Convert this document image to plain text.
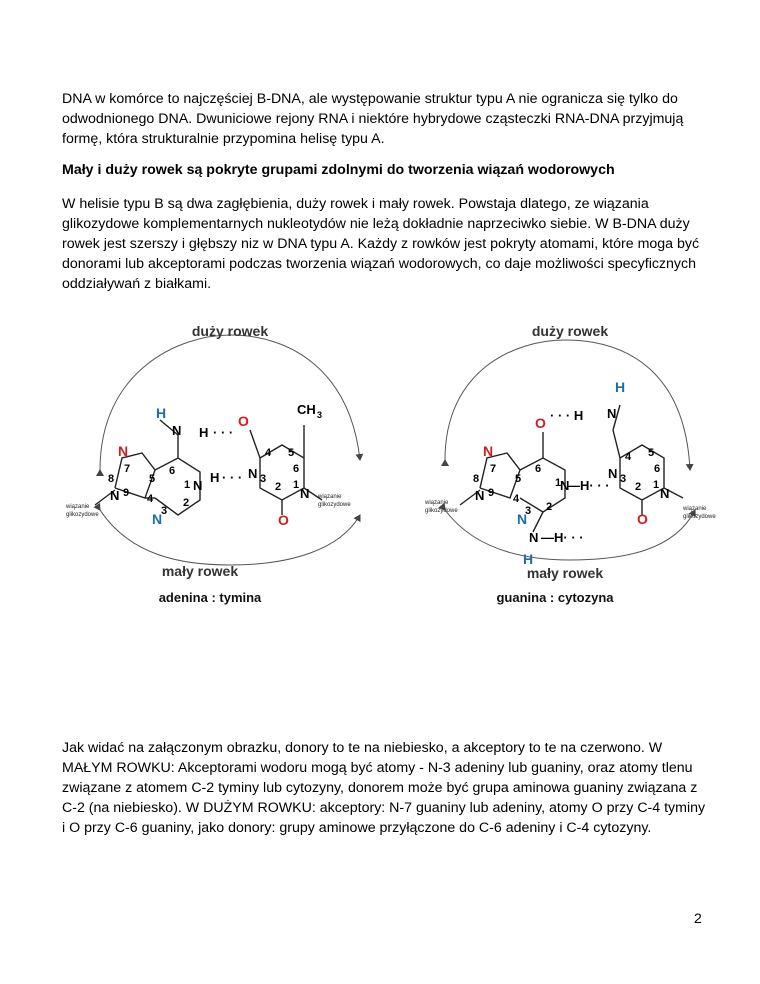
DNA w komórce to najczęściej B-DNA, ale występowanie struktur typu A nie ogranicza się tylko do odwodnionego DNA. Dwuniciowe rejony RNA i niektóre hybrydowe cząsteczki RNA-DNA przyjmują formę, która strukturalnie przypomina helisę typu A.

Mały i duży rowek są pokryte grupami zdolnymi do tworzenia wiązań wodorowych

W helisie typu B są dwa zagłębienia, duży rowek i mały rowek. Powstaja dlatego, ze wiązania glikozydowe komplementarnych nukleotydów nie leżą dokładnie naprzeciwko siebie. W B-DNA duży rowek jest szerszy i głębszy niz w DNA typu A. Każdy z rowków jest pokryty atomami, które moga być donorami lub akceptorami podczas tworzenia wiązań wodorowych, co daje możliwości specyficznych oddziaływań z białkami.

duży rowek
mały rowek
adenina : tymina
N
7
8
9
N
5
4
6
1 N
2
3
N
N
H
H · · ·
H · · ·
O
O
CH 3
4 5
6
1
2
N 3
N
wiązanie
glikozydowe
wiązanie
glikozydowe
duży rowek
mały rowek
guanina : cytozyna
O · · · H
N
7
8
9
N
5
4
6
1
N
—H· · ·
2
3
N
N —H· · ·
H
N
H
4 5
6
1
2
N 3
N
O
wiązanie
glikozydowe	wiązanie
glikozydowe

Jak widać na załączonym obrazku, donory to te na niebiesko, a akceptory to te na czerwono. W MAŁYM ROWKU: Akceptorami wodoru mogą być atomy - N-3 adeniny lub guaniny, oraz atomy tlenu związane z atomem C-2 tyminy lub cytozyny, donorem może być grupa aminowa guaniny związana z C-2 (na niebiesko). W DUŻYM ROWKU: akceptory: N-7 guaniny lub adeniny, atomy O przy C-4 tyminy i O przy C-6 guaniny, jako donory: grupy aminowe przyłączone do C-6 adeniny i C-4 cytozyny.

2
